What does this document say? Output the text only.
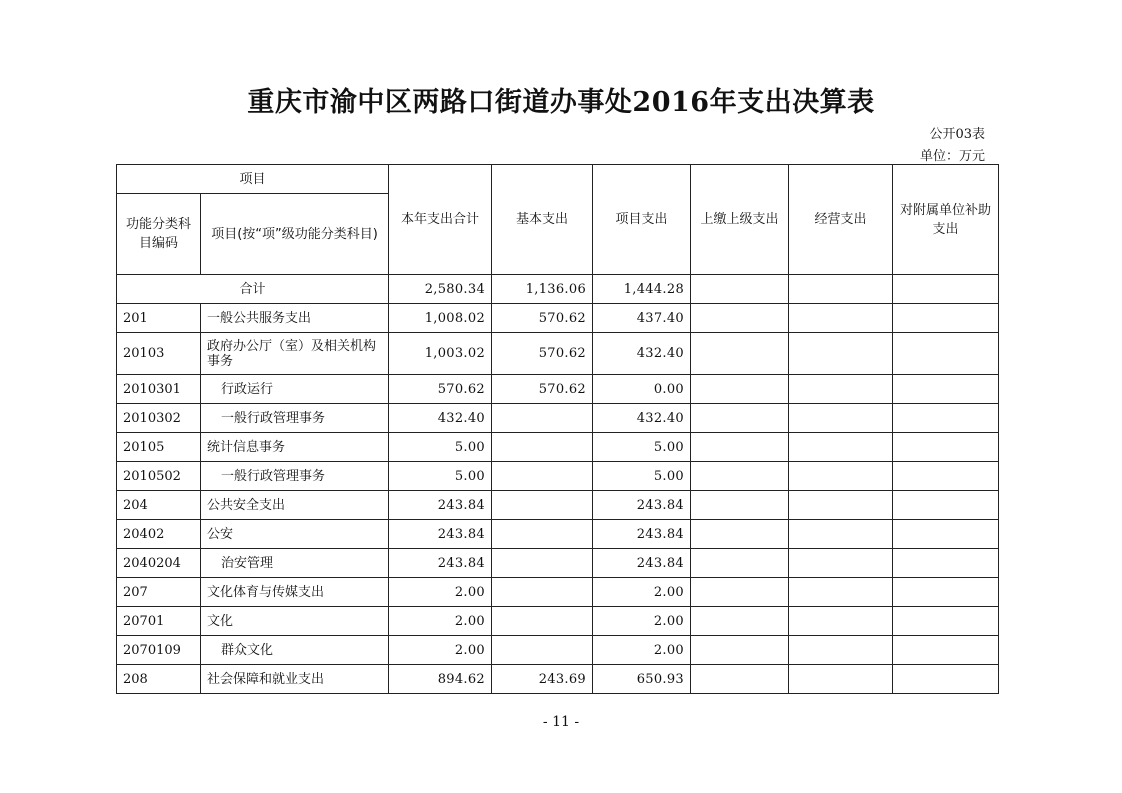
重庆市渝中区两路口街道办事处2016年支出决算表
公开03表
单位：万元
项目		本年支出合计	基本支出	项目支出	上缴上级支出	经营支出	对附属单位补助支出
功能分类科目编码	项目(按“项”级功能分类科目)						
合计		2,580.34	1,136.06	1,444.28			
201	一般公共服务支出	1,008.02	570.62	437.40			
20103	政府办公厅（室）及相关机构事务	1,003.02	570.62	432.40			
2010301	行政运行	570.62	570.62	0.00			
2010302	一般行政管理事务	432.40		432.40			
20105	统计信息事务	5.00		5.00			
2010502	一般行政管理事务	5.00		5.00			
204	公共安全支出	243.84		243.84			
20402	公安	243.84		243.84			
2040204	治安管理	243.84		243.84			
207	文化体育与传媒支出	2.00		2.00			
20701	文化	2.00		2.00			
2070109	群众文化	2.00		2.00			
208	社会保障和就业支出	894.62	243.69	650.93			
- 11 -
